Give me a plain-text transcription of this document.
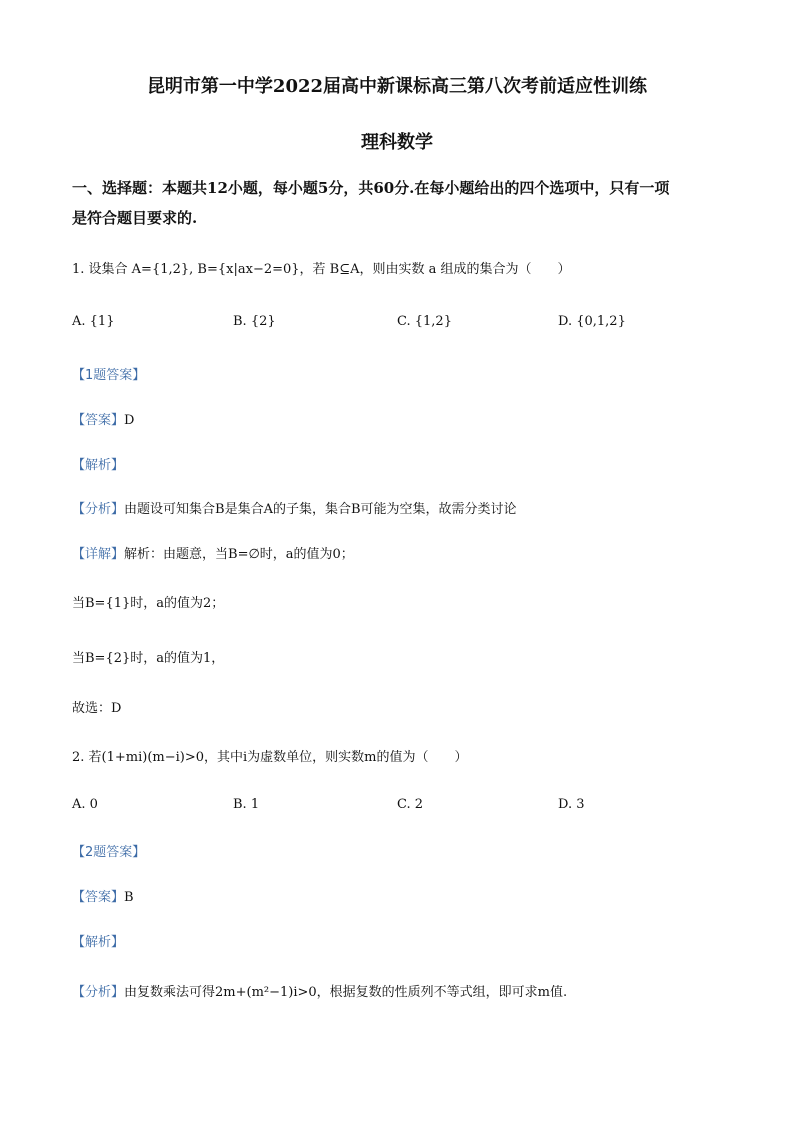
昆明市第一中学2022届高中新课标高三第八次考前适应性训练
理科数学
一、选择题：本题共12小题，每小题5分，共60分.在每小题给出的四个选项中，只有一项
是符合题目要求的.
1. 设集合 A={1,2}, B={x|ax−2=0}，若 B⊆A，则由实数 a 组成的集合为（　　）
A. {1}	B. {2}	C. {1,2}	D. {0,1,2}
【1题答案】
【答案】D
【解析】
【分析】由题设可知集合B是集合A的子集，集合B可能为空集，故需分类讨论
【详解】解析：由题意，当B=∅时，a的值为0；
当B={1}时，a的值为2；
当B={2}时，a的值为1，
故选：D
2. 若(1+mi)(m−i)>0，其中i为虚数单位，则实数m的值为（　　）
A. 0	B. 1	C. 2	D. 3
【2题答案】
【答案】B
【解析】
【分析】由复数乘法可得2m+(m²−1)i>0，根据复数的性质列不等式组，即可求m值.
